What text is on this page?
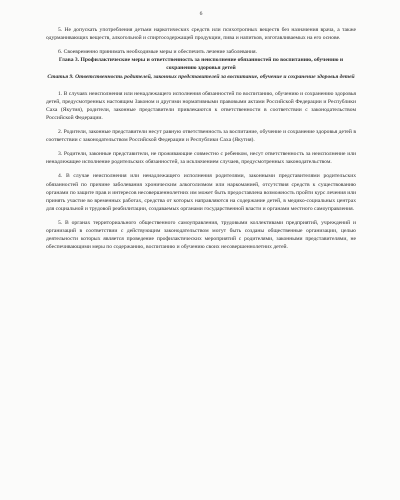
6

5. Не допускать употребления детьми наркотических средств или психотропных веществ без назначения врача, а также одурманивающих веществ, алкогольной и спиртосодержащей продукции, пива и напитков, изготавливаемых на его основе.

6. Своевременно принимать необходимые меры и обеспечить лечение заболевания.

Глава 3. Профилактические меры и ответственность за неисполнение обязанностей по воспитанию, обучению и сохранению здоровья детей

Статья 9. Ответственность родителей, законных представителей за воспитание, обучение и сохранение здоровья детей

1. В случаях неисполнения или ненадлежащего исполнения обязанностей по воспитанию, обучению и сохранению здоровья детей, предусмотренных настоящим Законом и другими нормативными правовыми актами Российской Федерации и Республики Саха (Якутия), родители, законные представители привлекаются к ответственности в соответствии с законодательством Российской Федерации.

2. Родители, законные представители несут равную ответственность за воспитание, обучение и сохранение здоровья детей в соответствии с законодательством Российской Федерации и Республики Саха (Якутия).

3. Родители, законные представители, не проживающие совместно с ребенком, несут ответственность за неисполнение или ненадлежащее исполнение родительских обязанностей, за исключением случаев, предусмотренных законодательством.

4. В случае неисполнения или ненадлежащего исполнения родителями, законными представителями родительских обязанностей по причине заболевания хроническим алкоголизмом или наркоманией, отсутствия средств к существованию органами по защите прав и интересов несовершеннолетних им может быть предоставлена возможность пройти курс лечения или принять участие во временных работах, средства от которых направляются на содержание детей, в медико-социальных центрах для социальной и трудовой реабилитации, создаваемых органами государственной власти и органами местного самоуправления.

5. В органах территориального общественного самоуправления, трудовыми коллективами предприятий, учреждений и организаций в соответствии с действующим законодательством могут быть созданы общественные организации, целью деятельности которых является проведение профилактических мероприятий с родителями, законными представителями, не обеспечивающими меры по содержанию, воспитанию и обучению своих несовершеннолетних детей.
